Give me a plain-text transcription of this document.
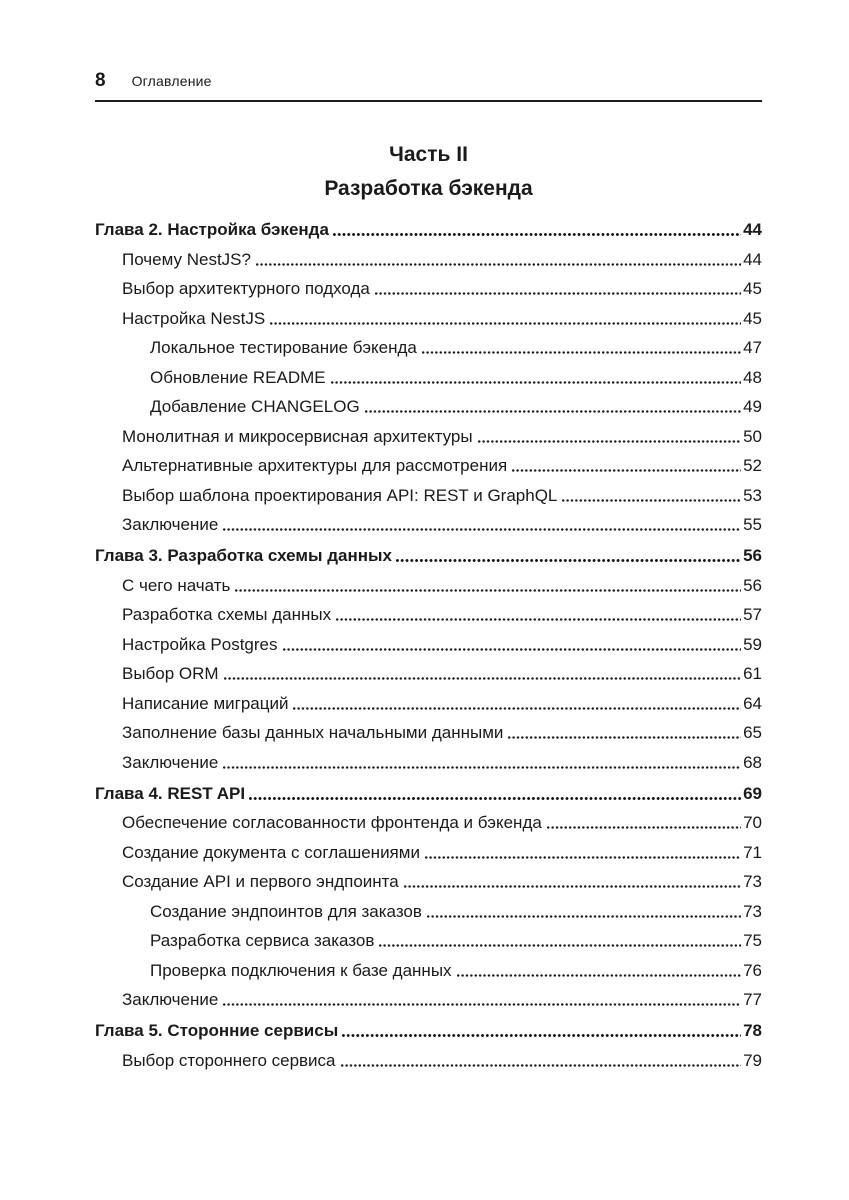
8 Оглавление
Часть II
Разработка бэкенда
Глава 2. Настройка бэкенда	44
Почему NestJS?	44
Выбор архитектурного подхода	45
Настройка NestJS	45
Локальное тестирование бэкенда	47
Обновление README	48
Добавление CHANGELOG	49
Монолитная и микросервисная архитектуры	50
Альтернативные архитектуры для рассмотрения	52
Выбор шаблона проектирования API: REST и GraphQL	53
Заключение	55
Глава 3. Разработка схемы данных	56
С чего начать	56
Разработка схемы данных	57
Настройка Postgres	59
Выбор ORM	61
Написание миграций	64
Заполнение базы данных начальными данными	65
Заключение	68
Глава 4. REST API	69
Обеспечение согласованности фронтенда и бэкенда	70
Создание документа с соглашениями	71
Создание API и первого эндпоинта	73
Создание эндпоинтов для заказов	73
Разработка сервиса заказов	75
Проверка подключения к базе данных	76
Заключение	77
Глава 5. Сторонние сервисы	78
Выбор стороннего сервиса	79
